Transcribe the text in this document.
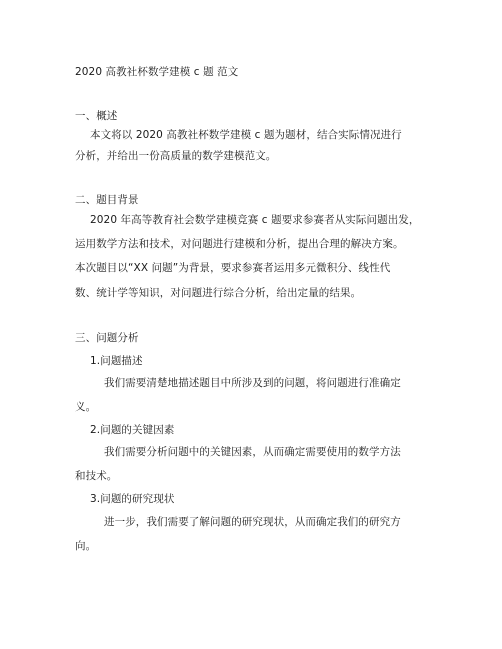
2020 高教社杯数学建模 c 题 范文
一、概述
本文将以 2020 高教社杯数学建模 c 题为题材，结合实际情况进行
分析，并给出一份高质量的数学建模范文。
二、题目背景
2020 年高等教育社会数学建模竞赛 c 题要求参赛者从实际问题出发，
运用数学方法和技术，对问题进行建模和分析，提出合理的解决方案。
本次题目以“XX 问题”为背景，要求参赛者运用多元微积分、线性代
数、统计学等知识，对问题进行综合分析，给出定量的结果。
三、问题分析
1.问题描述
我们需要清楚地描述题目中所涉及到的问题，将问题进行准确定
义。
2.问题的关键因素
我们需要分析问题中的关键因素，从而确定需要使用的数学方法
和技术。
3.问题的研究现状
进一步，我们需要了解问题的研究现状，从而确定我们的研究方
向。
